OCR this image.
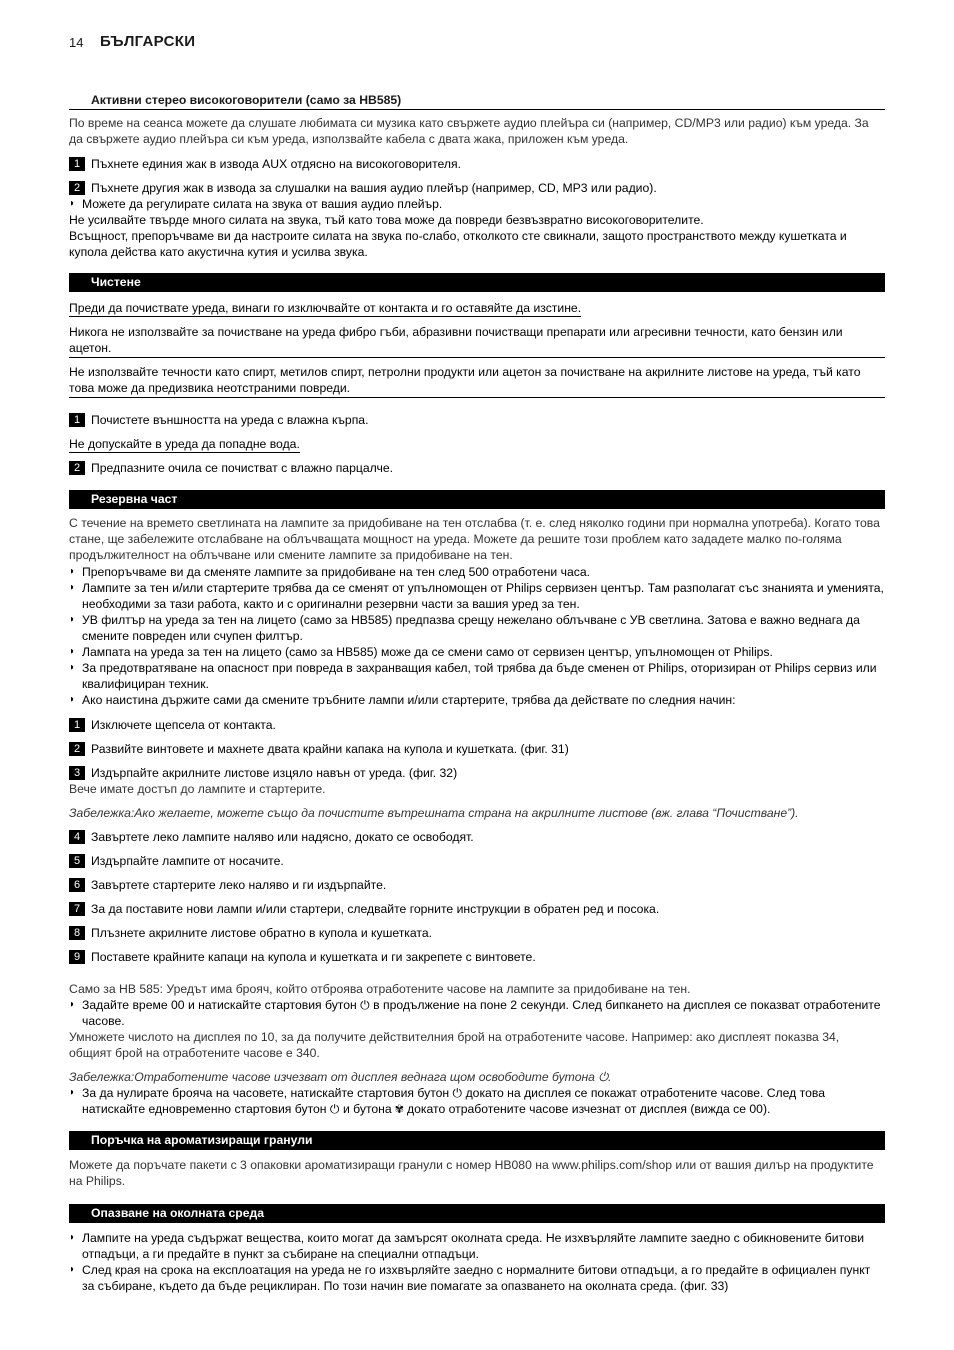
14 БЪЛГАРСКИ
Активни стерео високоговорители (само за HB585)
По време на сеанса можете да слушате любимата си музика като свържете аудио плейъра си (например, CD/MP3 или радио) към уреда. За да свържете аудио плейъра си към уреда, използвайте кабела с двата жака, приложен към уреда.
1 Пъхнете единия жак в извода AUX отдясно на високоговорителя.
2 Пъхнете другия жак в извода за слушалки на вашия аудио плейър (например, CD, MP3 или радио).
◗ Можете да регулирате силата на звука от вашия аудио плейър.
Не усилвайте твърде много силата на звука, тъй като това може да повреди безвъзвратно високоговорителите.
Всъщност, препоръчваме ви да настроите силата на звука по-слабо, отколкото сте свикнали, защото пространството между кушетката и купола действа като акустична кутия и усилва звука.
Чистене
Преди да почиствате уреда, винаги го изключвайте от контакта и го оставяйте да изстине.
Никога не използвайте за почистване на уреда фибро гъби, абразивни почистващи препарати или агресивни течности, като бензин или ацетон.
Не използвайте течности като спирт, метилов спирт, петролни продукти или ацетон за почистване на акрилните листове на уреда, тъй като това може да предизвика неотстраними повреди.
1 Почистете външността на уреда с влажна кърпа.
Не допускайте в уреда да попадне вода.
2 Предпазните очила се почистват с влажно парцалче.
Резервна част
С течение на времето светлината на лампите за придобиване на тен отслабва (т. е. след няколко години при нормална употреба). Когато това стане, ще забележите отслабване на облъчващата мощност на уреда. Можете да решите този проблем като зададете малко по-голяма продължителност на облъчване или смените лампите за придобиване на тен.
◗ Препоръчваме ви да сменяте лампите за придобиване на тен след 500 отработени часа.
◗ Лампите за тен и/или стартерите трябва да се сменят от упълномощен от Philips сервизен център. Там разполагат със знанията и уменията, необходими за тази работа, както и с оригинални резервни части за вашия уред за тен.
◗ УВ филтър на уреда за тен на лицето (само за HB585) предпазва срещу нежелано облъчване с УВ светлина. Затова е важно веднага да смените повреден или счупен филтър.
◗ Лампата на уреда за тен на лицето (само за HB585) може да се смени само от сервизен център, упълномощен от Philips.
◗ За предотвратяване на опасност при повреда в захранващия кабел, той трябва да бъде сменен от Philips, оторизиран от Philips сервиз или квалифициран техник.
◗ Ако наистина държите сами да смените тръбните лампи и/или стартерите, трябва да действате по следния начин:
1 Изключете щепсела от контакта.
2 Развийте винтовете и махнете двата крайни капака на купола и кушетката. (фиг. 31)
3 Издърпайте акрилните листове изцяло навън от уреда. (фиг. 32)
Вече имате достъп до лампите и стартерите.
Забележка:Ако желаете, можете също да почистите вътрешната страна на акрилните листове (вж. глава “Почистване”).
4 Завъртете леко лампите наляво или надясно, докато се освободят.
5 Издърпайте лампите от носачите.
6 Завъртете стартерите леко наляво и ги издърпайте.
7 За да поставите нови лампи и/или стартери, следвайте горните инструкции в обратен ред и посока.
8 Плъзнете акрилните листове обратно в купола и кушетката.
9 Поставете крайните капаци на купола и кушетката и ги закрепете с винтовете.
Само за HB 585: Уредът има брояч, който отброява отработените часове на лампите за придобиване на тен.
◗ Задайте време 00 и натискайте стартовия бутон ⏻ в продължение на поне 2 секунди. След бипкането на дисплея се показват отработените часове.
Умножете числото на дисплея по 10, за да получите действителния брой на отработените часове. Например: ако дисплеят показва 34, общият брой на отработените часове е 340.
Забележка:Отработените часове изчезват от дисплея веднага щом освободите бутона ⏻.
◗ За да нулирате брояча на часовете, натискайте стартовия бутон ⏻ докато на дисплея се покажат отработените часове. След това натискайте едновременно стартовия бутон ⏻ и бутона ✾ докато отработените часове изчезнат от дисплея (вижда се 00).
Поръчка на ароматизиращи гранули
Можете да поръчате пакети с 3 опаковки ароматизиращи гранули с номер HB080 на www.philips.com/shop или от вашия дилър на продуктите на Philips.
Опазване на околната среда
◗ Лампите на уреда съдържат вещества, които могат да замърсят околната среда. Не изхвърляйте лампите заедно с обикновените битови отпадъци, а ги предайте в пункт за събиране на специални отпадъци.
◗ След края на срока на експлоатация на уреда не го изхвърляйте заедно с нормалните битови отпадъци, а го предайте в официален пункт за събиране, където да бъде рециклиран. По този начин вие помагате за опазването на околната среда. (фиг. 33)
